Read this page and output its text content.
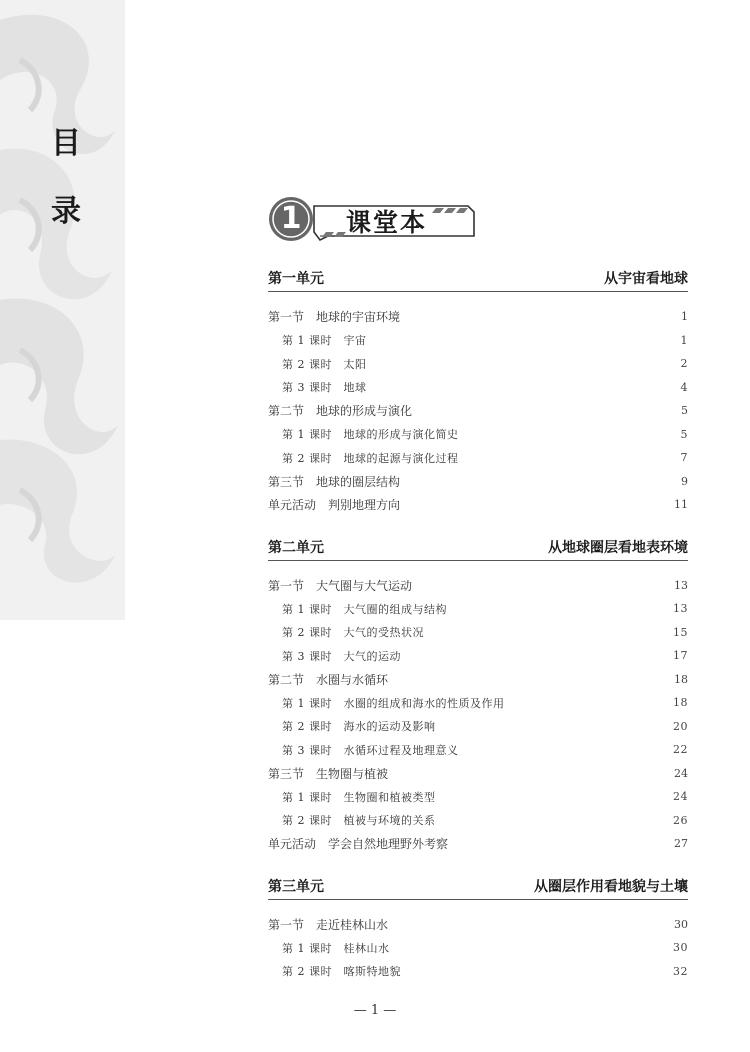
目
录	1	课堂本
第一单元	从宇宙看地球
第一节　地球的宇宙环境	1
第 1 课时　宇宙	1
第 2 课时　太阳	2
第 3 课时　地球	4
第二节　地球的形成与演化	5
第 1 课时　地球的形成与演化简史	5
第 2 课时　地球的起源与演化过程	7
第三节　地球的圈层结构	9
单元活动　判别地理方向	11
第二单元	从地球圈层看地表环境
第一节　大气圈与大气运动	13
第 1 课时　大气圈的组成与结构	13
第 2 课时　大气的受热状况	15
第 3 课时　大气的运动	17
第二节　水圈与水循环	18
第 1 课时　水圈的组成和海水的性质及作用	18
第 2 课时　海水的运动及影响	20
第 3 课时　水循环过程及地理意义	22
第三节　生物圈与植被	24
第 1 课时　生物圈和植被类型	24
第 2 课时　植被与环境的关系	26
单元活动　学会自然地理野外考察	27
第三单元	从圈层作用看地貌与土壤
第一节　走近桂林山水	30
第 1 课时　桂林山水	30
第 2 课时　喀斯特地貌	32
— 1 —
